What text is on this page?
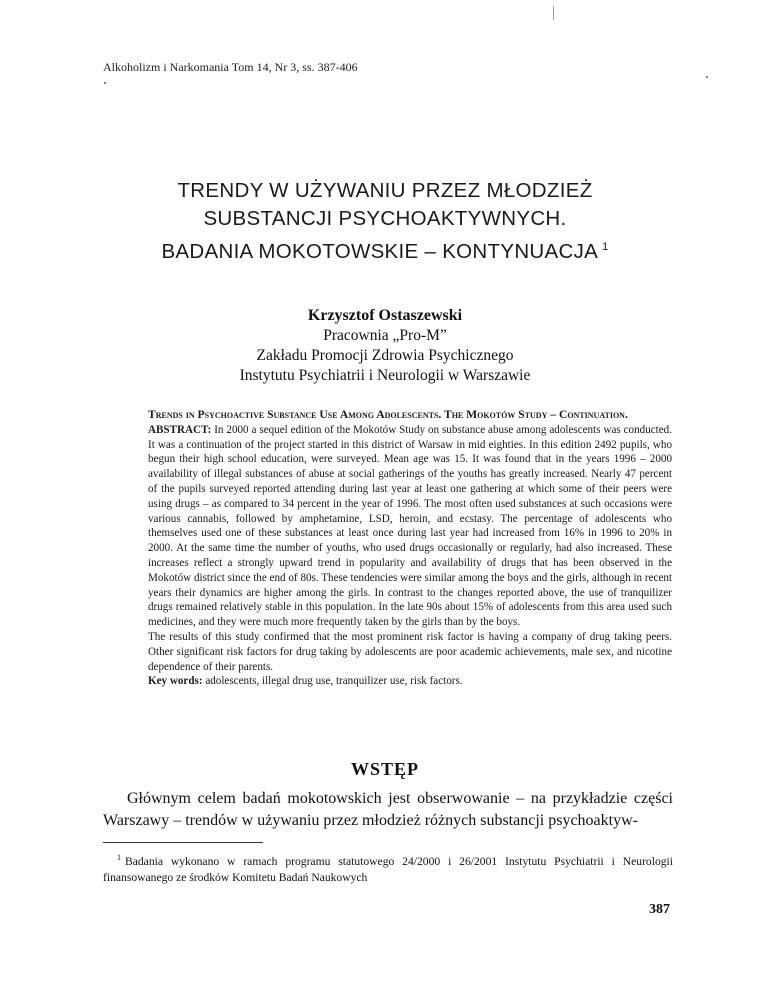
Alkoholizm i Narkomania Tom 14, Nr 3, ss. 387-406
TRENDY W UŻYWANIU PRZEZ MŁODZIEŻ
SUBSTANCJI PSYCHOAKTYWNYCH.
BADANIA MOKOTOWSKIE – KONTYNUACJA $^1$
Krzysztof Ostaszewski
Pracownia „Pro-M”
Zakładu Promocji Zdrowia Psychicznego
Instytutu Psychiatrii i Neurologii w Warszawie

Trends in Psychoactive Substance Use Among Adolescents. The Mokotów Study – Continuation.

ABSTRACT: In 2000 a sequel edition of the Mokotów Study on substance abuse among adolescents was conducted. It was a continuation of the project started in this district of Warsaw in mid eighties. In this edition 2492 pupils, who begun their high school education, were surveyed. Mean age was 15. It was found that in the years 1996 – 2000 availability of illegal substances of abuse at social gatherings of the youths has greatly increased. Nearly 47 percent of the pupils surveyed reported attending during last year at least one gathering at which some of their peers were using drugs – as compared to 34 percent in the year of 1996. The most often used substances at such occasions were various cannabis, followed by amphetamine, LSD, heroin, and ecstasy. The percentage of adolescents who themselves used one of these substances at least once during last year had increased from 16% in 1996 to 20% in 2000. At the same time the number of youths, who used drugs occasionally or regularly, had also increased. These increases reflect a strongly upward trend in popularity and availability of drugs that has been observed in the Mokotów district since the end of 80s. These tendencies were similar among the boys and the girls, although in recent years their dynamics are higher among the girls. In contrast to the changes reported above, the use of tranquilizer drugs remained relatively stable in this population. In the late 90s about 15% of adolescents from this area used such medicines, and they were much more frequently taken by the girls than by the boys.

The results of this study confirmed that the most prominent risk factor is having a company of drug taking peers. Other significant risk factors for drug taking by adolescents are poor academic achievements, male sex, and nicotine dependence of their parents.

Key words: adolescents, illegal drug use, tranquilizer use, risk factors.

WSTĘP

Głównym celem badań mokotowskich jest obserwowanie – na przykładzie części Warszawy – trendów w używaniu przez młodzież różnych substancji psychoaktyw-

$^1$ Badania wykonano w ramach programu statutowego 24/2000 i 26/2001 Instytutu Psychiatrii i Neurologii finansowanego ze środków Komitetu Badań Naukowych
387
